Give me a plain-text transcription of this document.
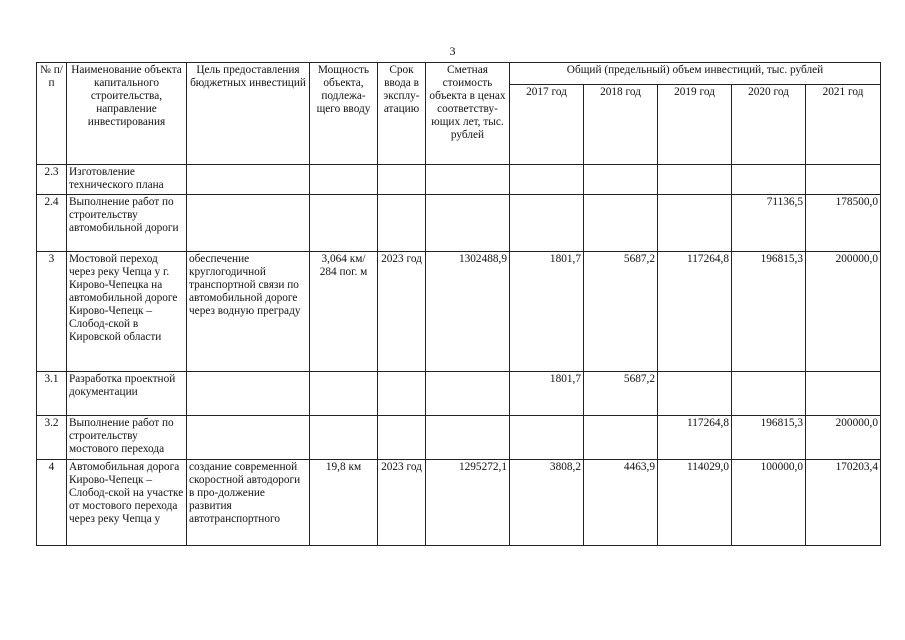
3
№ п/п	Наименование объекта капитального строительства, направление инвестирования	Цель предоставления бюджетных инвестиций	Мощность объекта, подлежа-щего вводу	Срок ввода в эксплу-атацию	Сметная стоимость объекта в ценах соответству-ющих лет, тыс. рублей	Общий (предельный) объем инвестиций, тыс. рублей				
						2017 год	2018 год	2019 год	2020 год	2021 год
2.3	Изготовление технического плана									
2.4	Выполнение работ по строительству автомобильной дороги								71136,5	178500,0
3	Мостовой переход через реку Чепца у г. Кирово-Чепецка на автомобильной дороге Кирово-Чепецк – Слобод-ской в Кировской области	обеспечение круглогодичной транспортной связи по автомобильной дороге через водную преграду	3,064 км/ 284 пог. м	2023 год	1302488,9	1801,7	5687,2	117264,8	196815,3	200000,0
3.1	Разработка проектной документации					1801,7	5687,2			
3.2	Выполнение работ по строительству мостового перехода							117264,8	196815,3	200000,0
4	Автомобильная дорога Кирово-Чепецк – Слобод-ской на участке от мостового перехода через реку Чепца у	создание современной скоростной автодороги в про-должение развития автотранспортного	19,8 км	2023 год	1295272,1	3808,2	4463,9	114029,0	100000,0	170203,4
